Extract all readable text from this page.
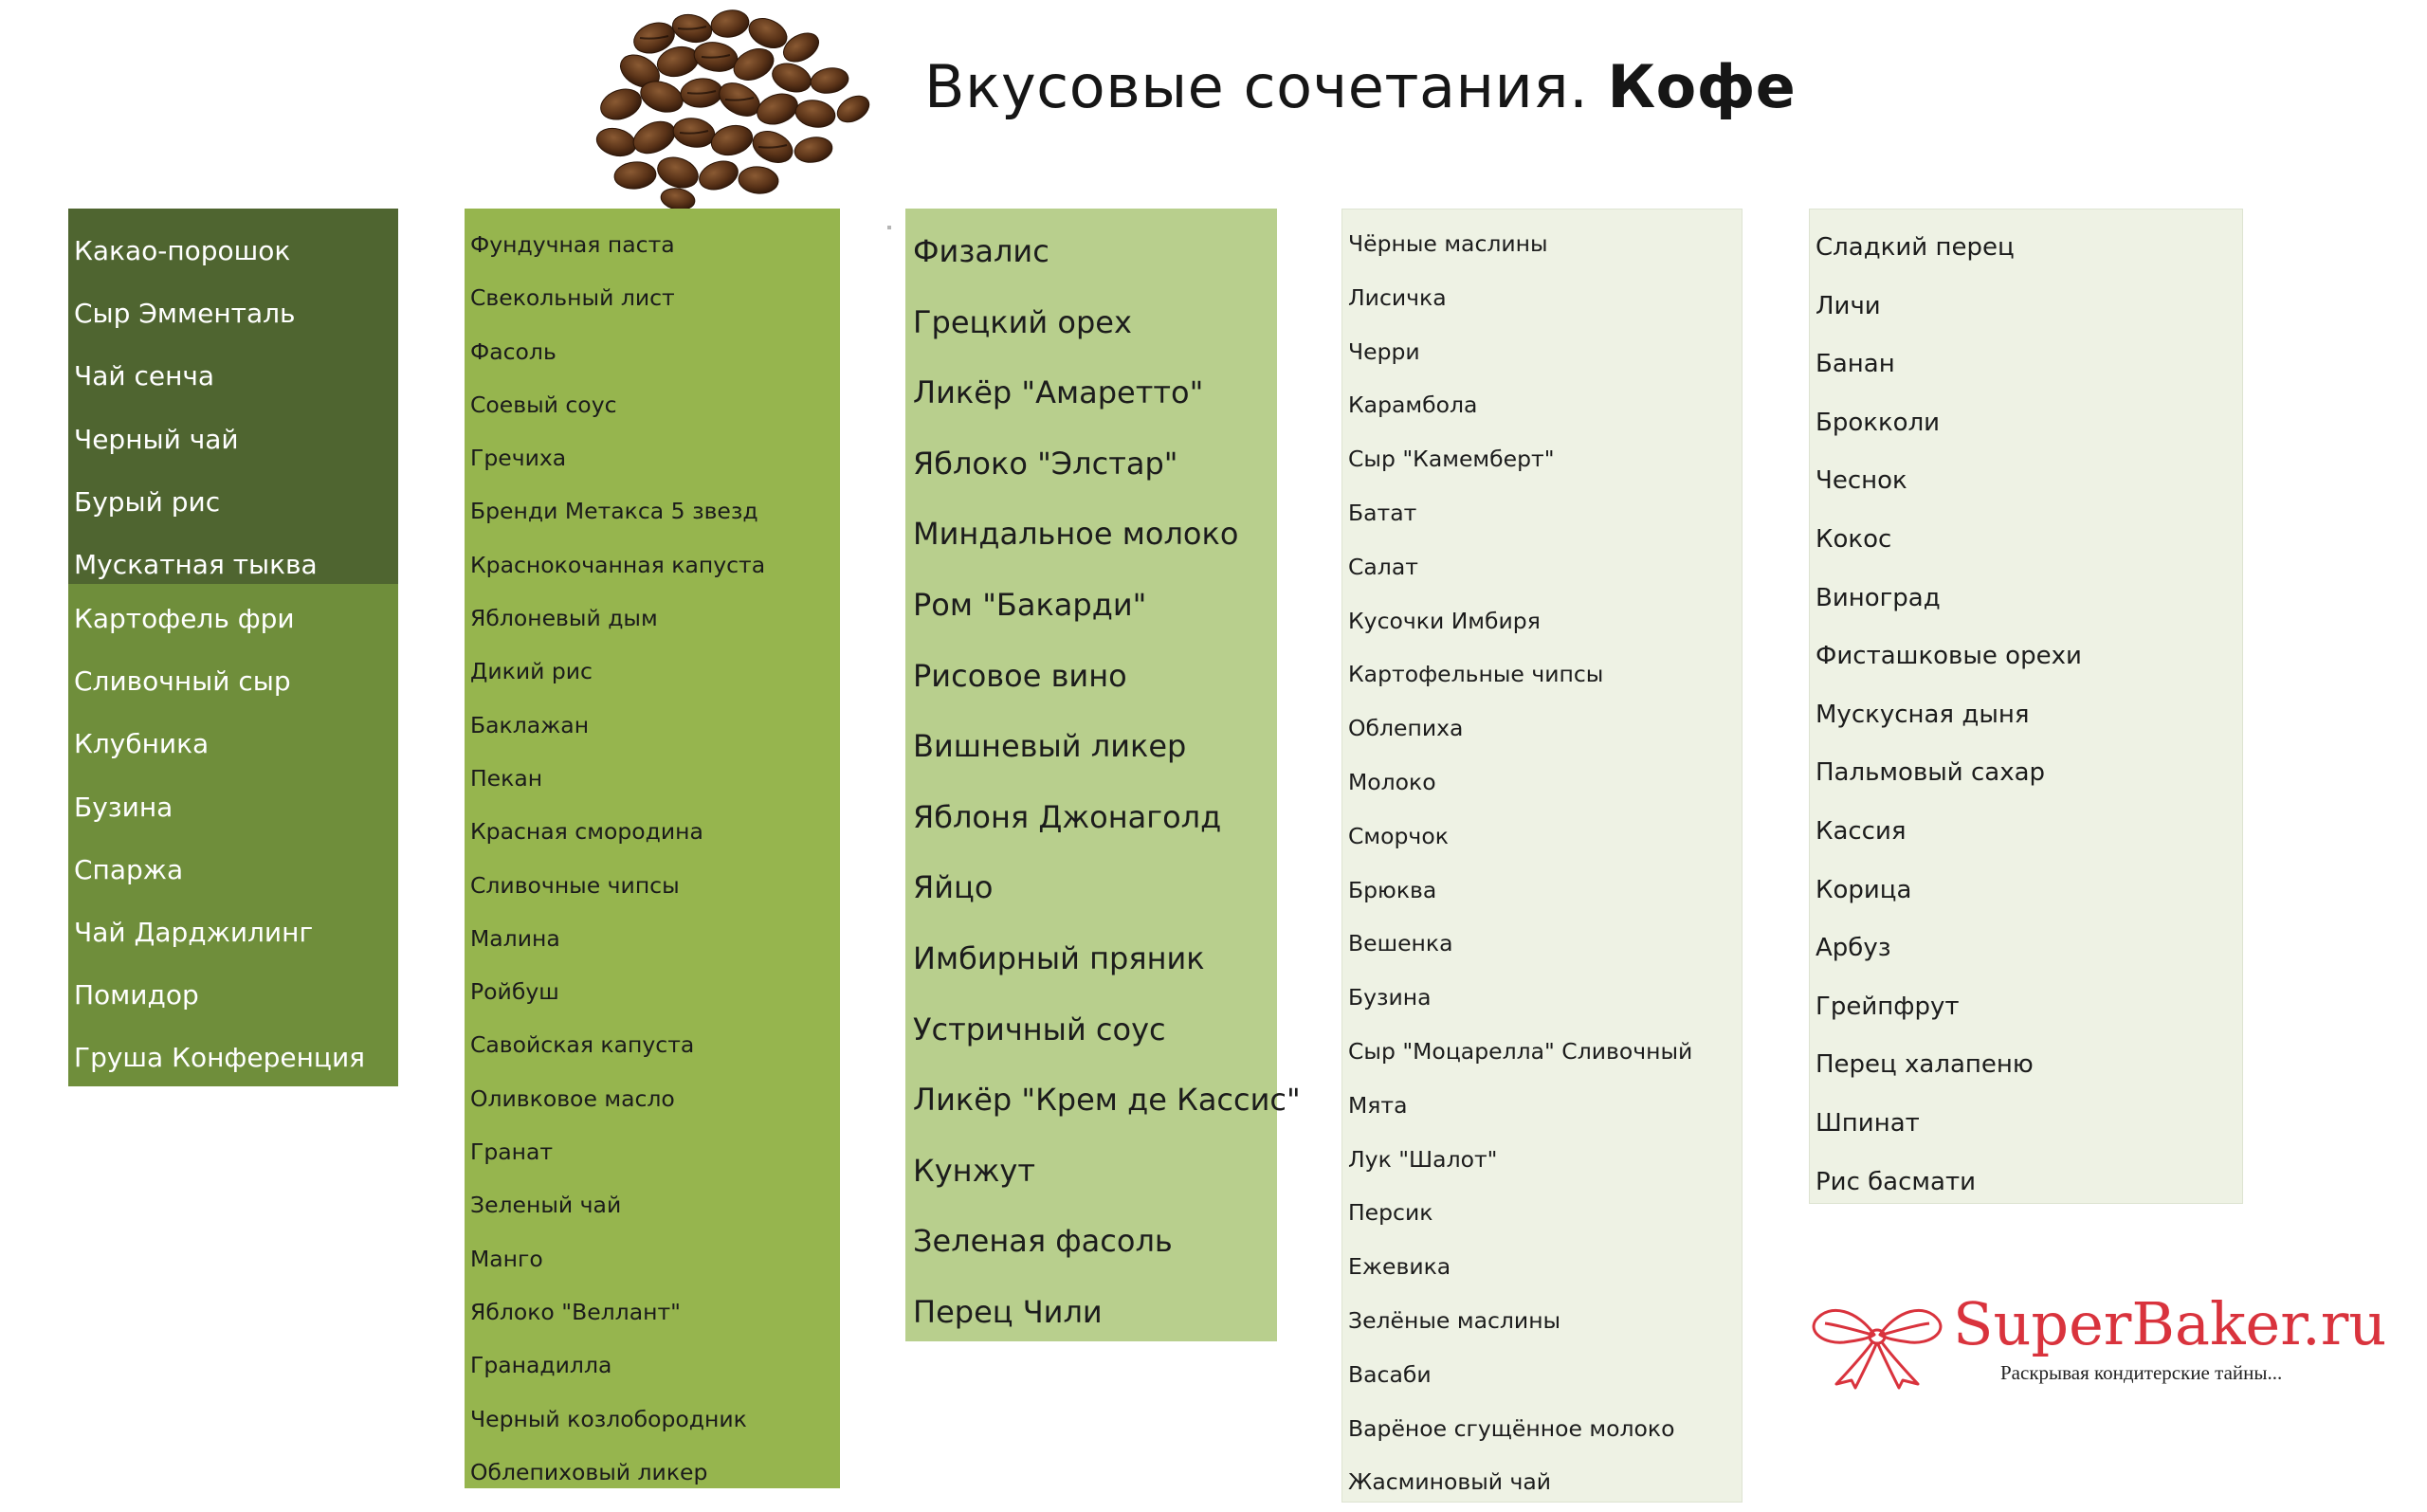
Вкусовые сочетания. Кофе
Какао-порошок
Сыр Эмменталь
Чай сенча
Черный чай
Бурый рис
Мускатная тыква
Картофель фри
Сливочный сыр
Клубника
Бузина
Спаржа
Чай Дарджилинг
Помидор
Груша Конференция
Фундучная паста
Свекольный лист
Фасоль
Соевый соус
Гречиха
Бренди Метакса 5 звезд
Краснокочанная капуста
Яблоневый дым
Дикий рис
Баклажан
Пекан
Красная смородина
Сливочные чипсы
Малина
Ройбуш
Савойская капуста
Оливковое масло
Гранат
Зеленый чай
Манго
Яблоко "Веллант"
Гранадилла
Черный козлобородник
Облепиховый ликер
Физалис
Грецкий орех
Ликёр "Амаретто"
Яблоко "Элстар"
Миндальное молоко
Ром "Бакарди"
Рисовое вино
Вишневый ликер
Яблоня Джонаголд
Яйцо
Имбирный пряник
Устричный соус
Ликёр "Крем де Кассис"
Кунжут
Зеленая фасоль
Перец Чили
Чёрные маслины
Лисичка
Черри
Карамбола
Сыр "Камемберт"
Батат
Салат
Кусочки Имбиря
Картофельные чипсы
Облепиха
Молоко
Сморчок
Брюква
Вешенка
Бузина
Сыр "Моцарелла" Сливочный
Мята
Лук "Шалот"
Персик
Ежевика
Зелёные маслины
Васаби
Варёное сгущённое молоко
Жасминовый чай
Сладкий перец
Личи
Банан
Брокколи
Чеснок
Кокос
Виноград
Фисташковые орехи
Мускусная дыня
Пальмовый сахар
Кассия
Корица
Арбуз
Грейпфрут
Перец халапеню
Шпинат
Рис басмати
SuperBaker.ru
Раскрывая кондитерские тайны...
